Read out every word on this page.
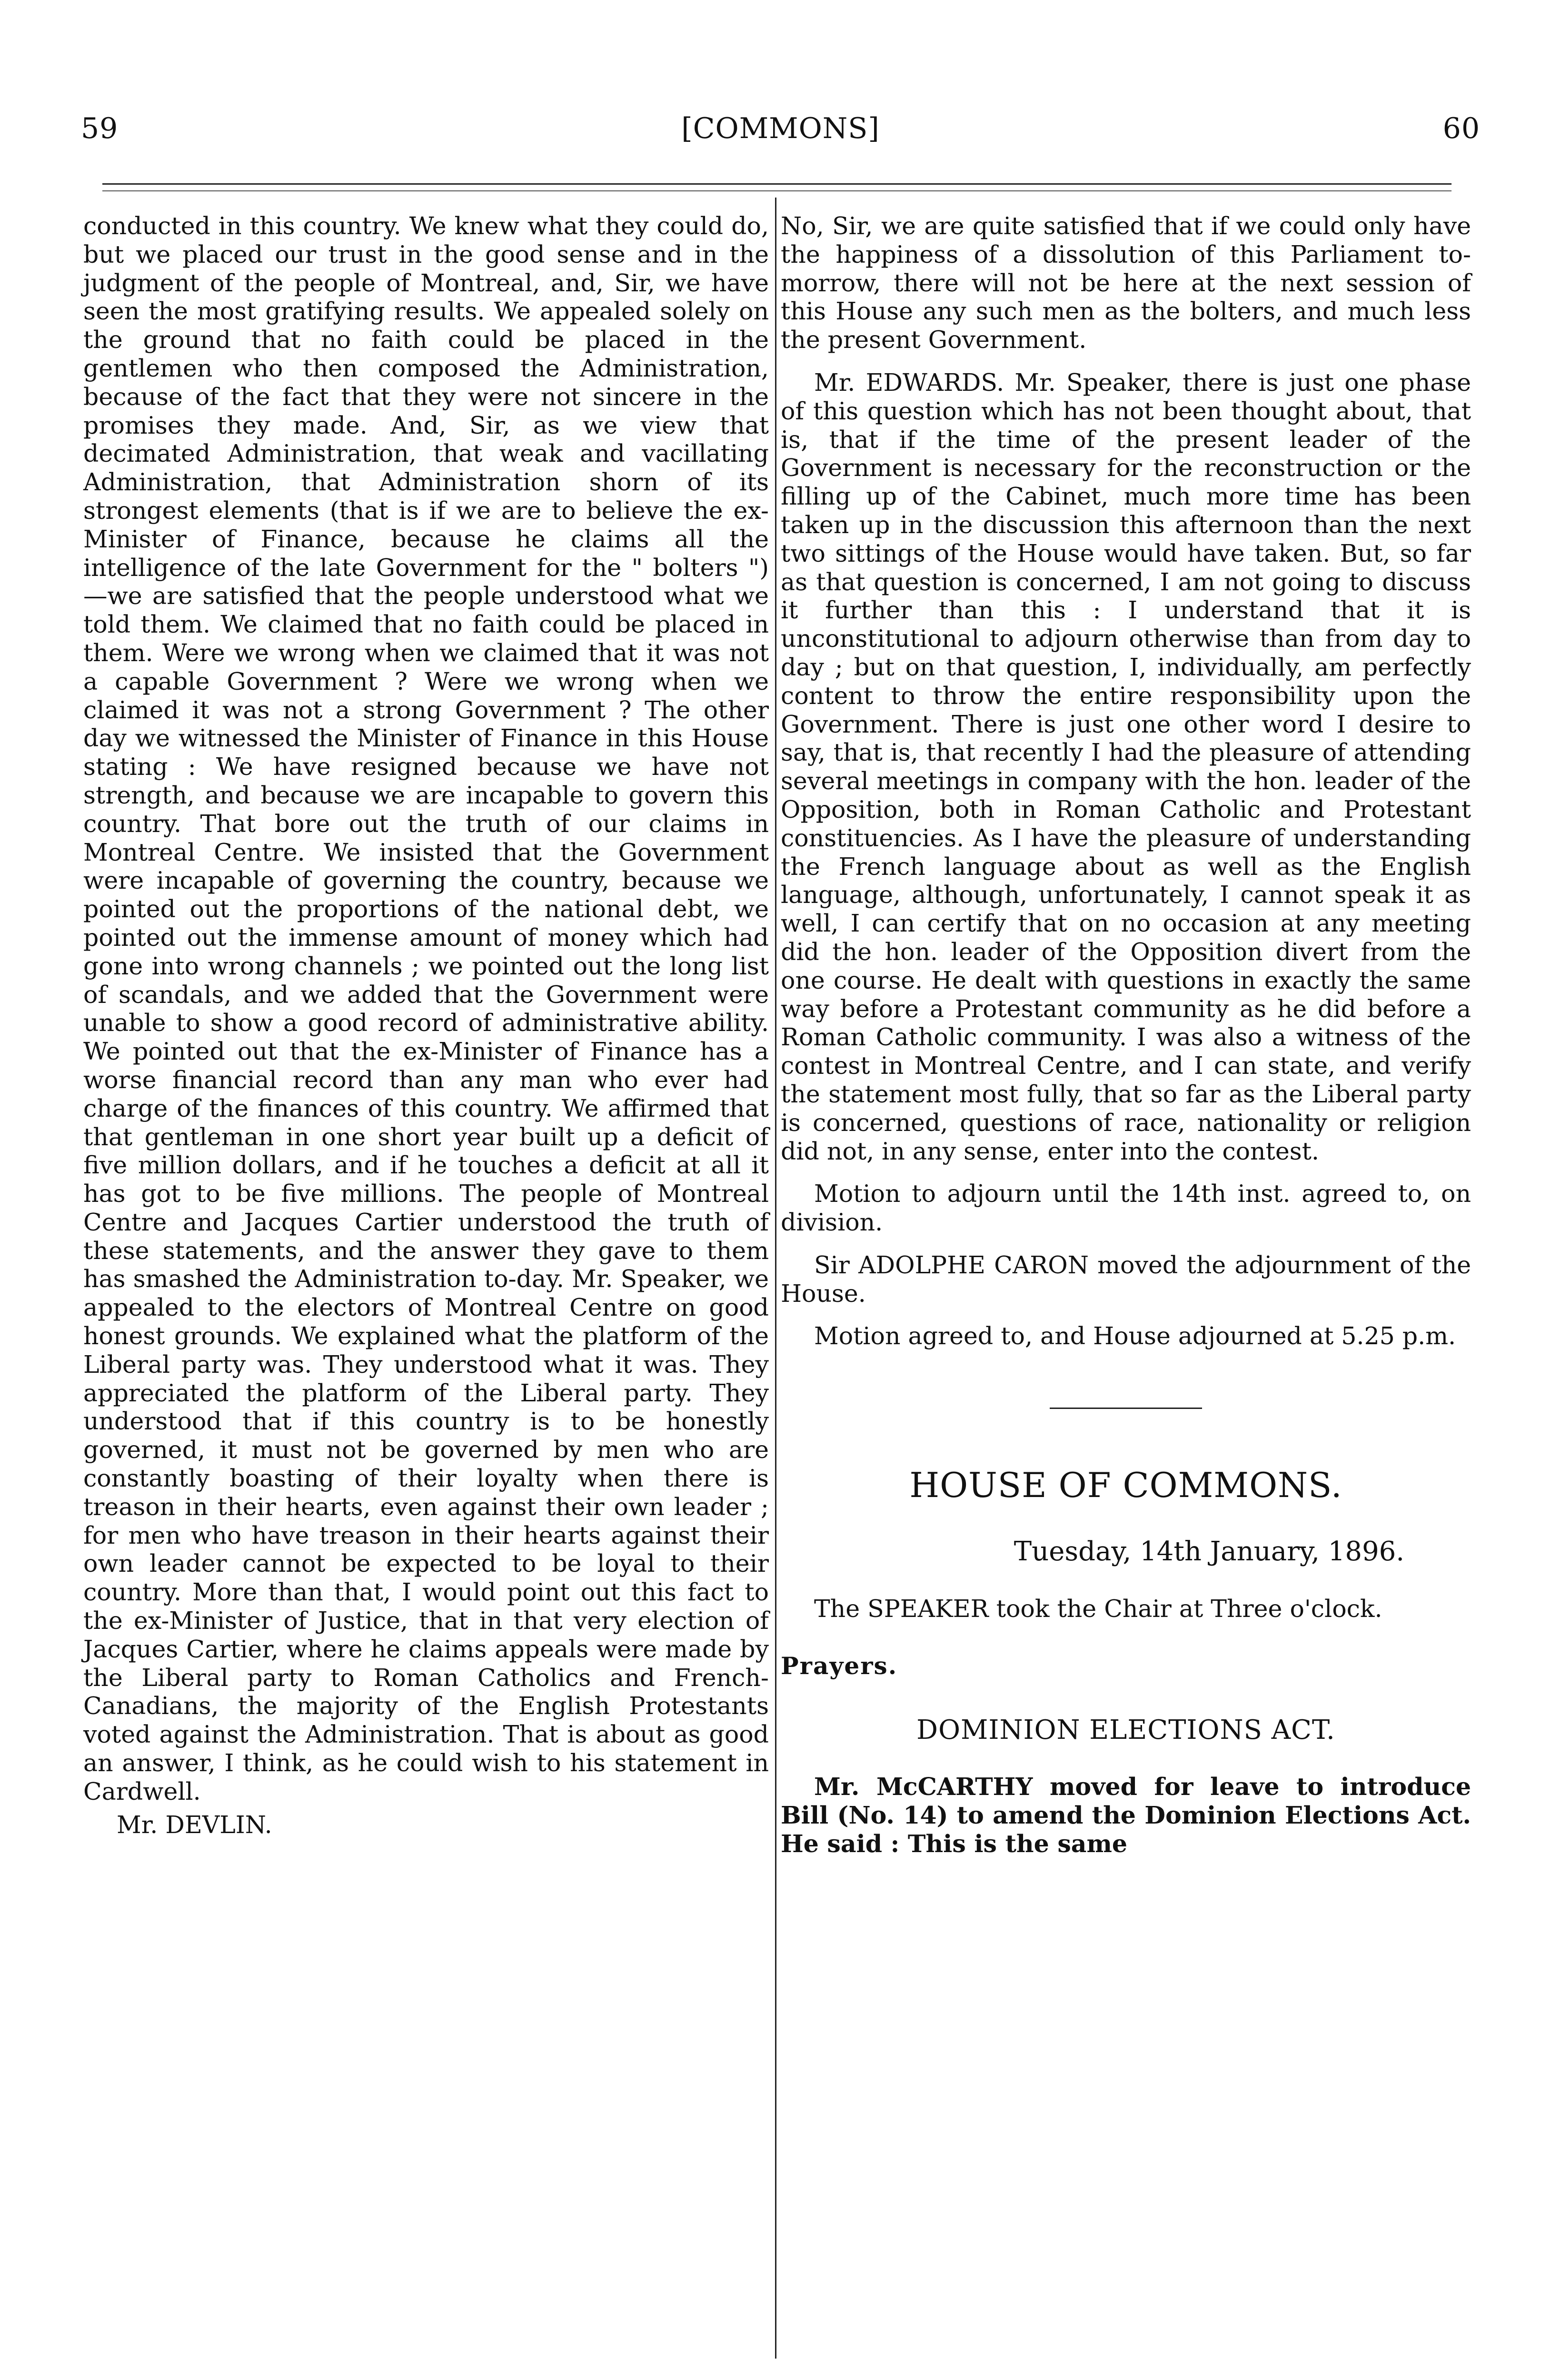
59	[COMMONS]	60

conducted in this country. We knew what they could do, but we placed our trust in the good sense and in the judgment of the people of Montreal, and, Sir, we have seen the most gratifying results. We appealed solely on the ground that no faith could be placed in the gentlemen who then composed the Administration, because of the fact that they were not sincere in the promises they made. And, Sir, as we view that decimated Administration, that weak and vacillating Administration, that Administration shorn of its strongest elements (that is if we are to believe the ex-Minister of Finance, because he claims all the intelligence of the late Government for the " bolters ")—we are satisfied that the people understood what we told them. We claimed that no faith could be placed in them. Were we wrong when we claimed that it was not a capable Government ? Were we wrong when we claimed it was not a strong Government ? The other day we witnessed the Minister of Finance in this House stating : We have resigned because we have not strength, and because we are incapable to govern this country. That bore out the truth of our claims in Montreal Centre. We insisted that the Government were incapable of governing the country, because we pointed out the proportions of the national debt, we pointed out the immense amount of money which had gone into wrong channels ; we pointed out the long list of scandals, and we added that the Government were unable to show a good record of administrative ability. We pointed out that the ex-Minister of Finance has a worse financial record than any man who ever had charge of the finances of this country. We affirmed that that gentleman in one short year built up a deficit of five million dollars, and if he touches a deficit at all it has got to be five millions. The people of Montreal Centre and Jacques Cartier understood the truth of these statements, and the answer they gave to them has smashed the Administration to-day. Mr. Speaker, we appealed to the electors of Montreal Centre on good honest grounds. We explained what the platform of the Liberal party was. They understood what it was. They appreciated the platform of the Liberal party. They understood that if this country is to be honestly governed, it must not be governed by men who are constantly boasting of their loyalty when there is treason in their hearts, even against their own leader ; for men who have treason in their hearts against their own leader cannot be expected to be loyal to their country. More than that, I would point out this fact to the ex-Minister of Justice, that in that very election of Jacques Cartier, where he claims appeals were made by the Liberal party to Roman Catholics and French-Canadians, the majority of the English Protestants voted against the Administration. That is about as good an answer, I think, as he could wish to his statement in Cardwell.

Mr. DEVLIN.

No, Sir, we are quite satisfied that if we could only have the happiness of a dissolution of this Parliament to-morrow, there will not be here at the next session of this House any such men as the bolters, and much less the present Government.

Mr. EDWARDS. Mr. Speaker, there is just one phase of this question which has not been thought about, that is, that if the time of the present leader of the Government is necessary for the reconstruction or the filling up of the Cabinet, much more time has been taken up in the discussion this afternoon than the next two sittings of the House would have taken. But, so far as that question is concerned, I am not going to discuss it further than this : I understand that it is unconstitutional to adjourn otherwise than from day to day ; but on that question, I, individually, am perfectly content to throw the entire responsibility upon the Government. There is just one other word I desire to say, that is, that recently I had the pleasure of attending several meetings in company with the hon. leader of the Opposition, both in Roman Catholic and Protestant constituencies. As I have the pleasure of understanding the French language about as well as the English language, although, unfortunately, I cannot speak it as well, I can certify that on no occasion at any meeting did the hon. leader of the Opposition divert from the one course. He dealt with questions in exactly the same way before a Protestant community as he did before a Roman Catholic community. I was also a witness of the contest in Montreal Centre, and I can state, and verify the statement most fully, that so far as the Liberal party is concerned, questions of race, nationality or religion did not, in any sense, enter into the contest.

Motion to adjourn until the 14th inst. agreed to, on division.

Sir ADOLPHE CARON moved the adjournment of the House.

Motion agreed to, and House adjourned at 5.25 p.m.

HOUSE OF COMMONS.
Tuesday, 14th January, 1896.

The SPEAKER took the Chair at Three o'clock.

Prayers.
DOMINION ELECTIONS ACT.

Mr. McCARTHY moved for leave to introduce Bill (No. 14) to amend the Dominion Elections Act. He said : This is the same
